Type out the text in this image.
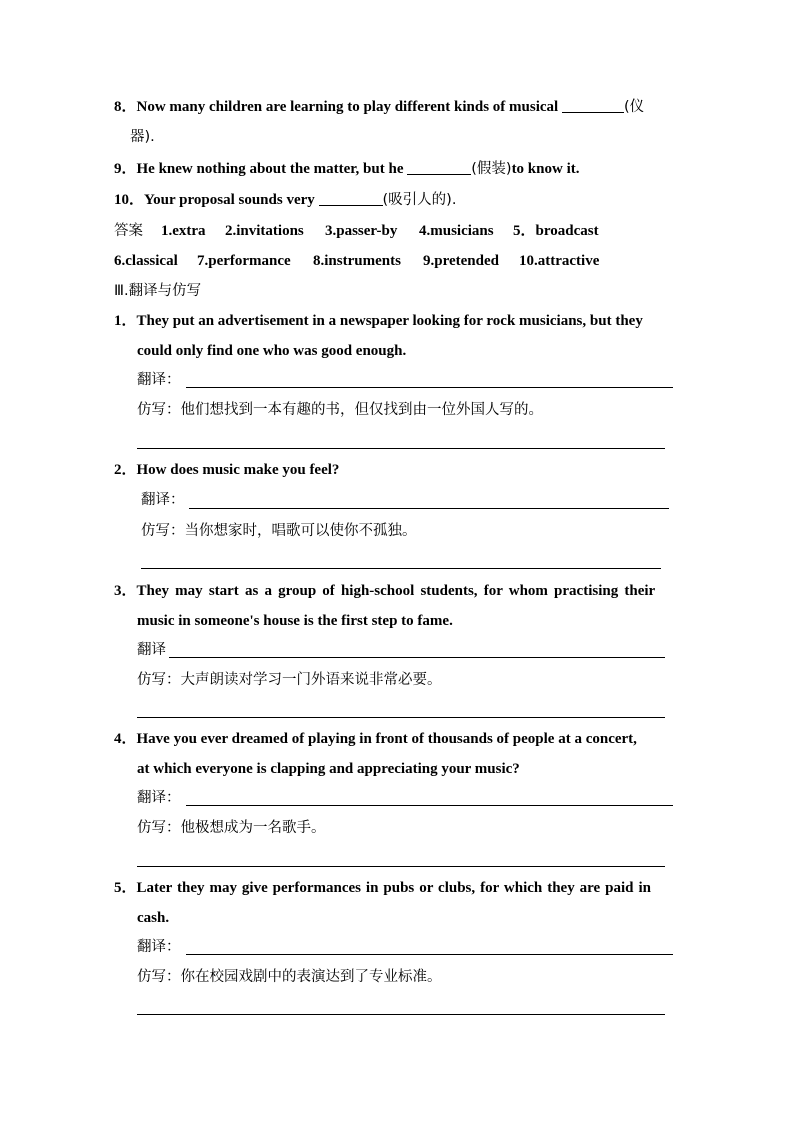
8．Now many children are learning to play different kinds of musical	(仪
器).
9．He knew nothing about the matter, but he	(假装)to know it.
10．Your proposal sounds very	(吸引人的).
答案 1.extra 2.invitations 3.passer-by 4.musicians 5．broadcast
6.classical 7.performance 8.instruments 9.pretended 10.attractive
Ⅲ.翻译与仿写
1．They put an advertisement in a newspaper looking for rock musicians, but they
could only find one who was good enough.
翻译：
仿写：他们想找到一本有趣的书，但仅找到由一位外国人写的。
2．How does music make you feel?
翻译：
仿写：当你想家时，唱歌可以使你不孤独。
3．They may start as a group of high-school students, for whom practising their
music in someone's house is the first step to fame.
翻译
仿写：大声朗读对学习一门外语来说非常必要。
4．Have you ever dreamed of playing in front of thousands of people at a concert,
at which everyone is clapping and appreciating your music?
翻译：
仿写：他极想成为一名歌手。
5．Later they may give performances in pubs or clubs, for which they are paid in
cash.
翻译：
仿写：你在校园戏剧中的表演达到了专业标准。
